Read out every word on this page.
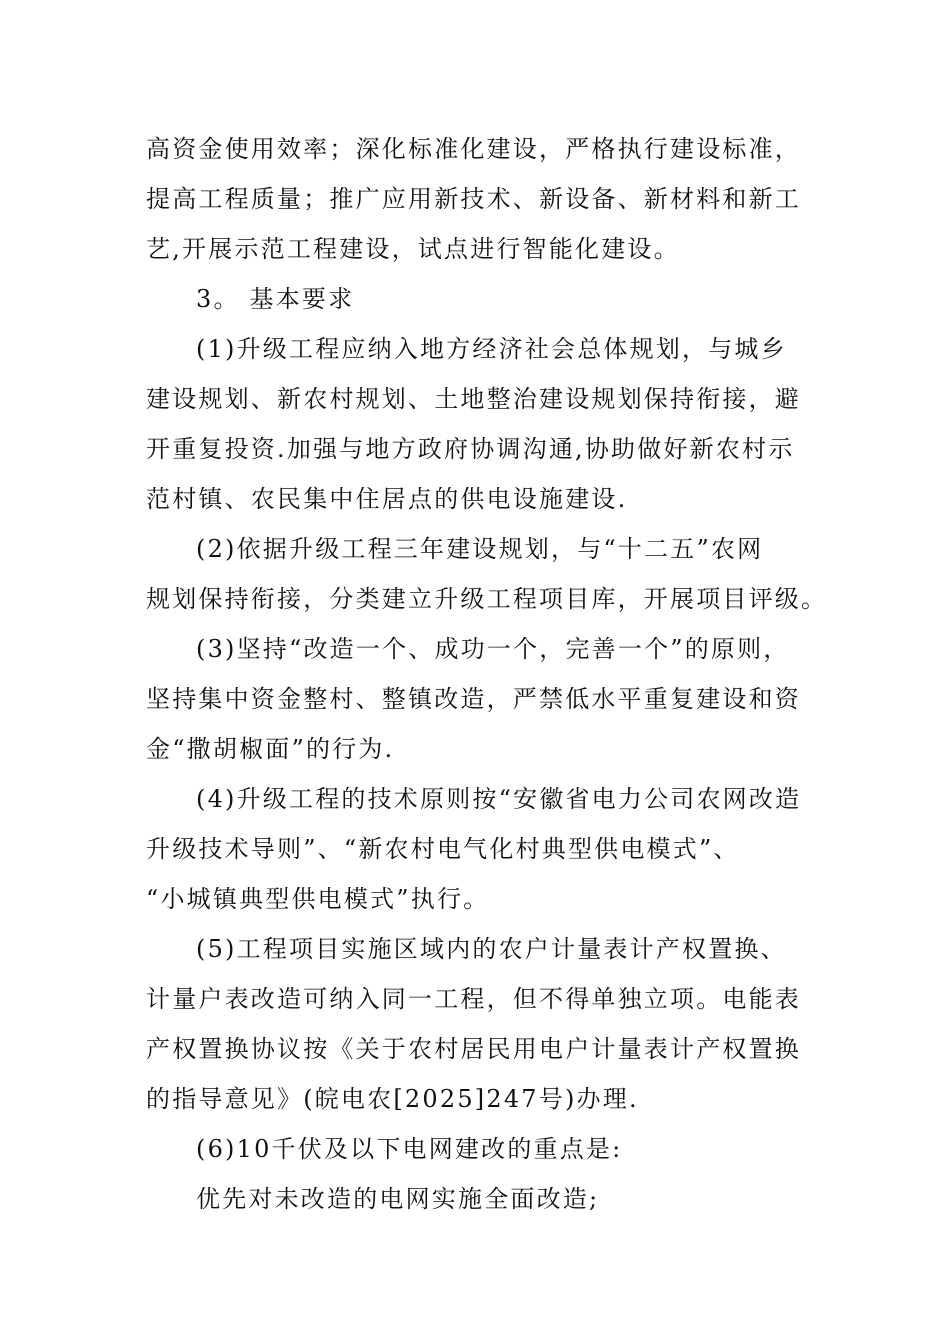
高资金使用效率；深化标准化建设，严格执行建设标准，
提高工程质量；推广应用新技术、新设备、新材料和新工
艺,开展示范工程建设，试点进行智能化建设。
3。 基本要求
(1)升级工程应纳入地方经济社会总体规划，与城乡
建设规划、新农村规划、土地整治建设规划保持衔接，避
开重复投资.加强与地方政府协调沟通,协助做好新农村示
范村镇、农民集中住居点的供电设施建设.
(2)依据升级工程三年建设规划，与“十二五”农网
规划保持衔接，分类建立升级工程项目库，开展项目评级。
(3)坚持“改造一个、成功一个，完善一个”的原则，
坚持集中资金整村、整镇改造，严禁低水平重复建设和资
金“撒胡椒面”的行为.
(4)升级工程的技术原则按“安徽省电力公司农网改造
升级技术导则”、“新农村电气化村典型供电模式”、
“小城镇典型供电模式”执行。
(5)工程项目实施区域内的农户计量表计产权置换、
计量户表改造可纳入同一工程，但不得单独立项。电能表
产权置换协议按《关于农村居民用电户计量表计产权置换
的指导意见》(皖电农[2025]247号)办理.
(6)10千伏及以下电网建改的重点是:
优先对未改造的电网实施全面改造;
